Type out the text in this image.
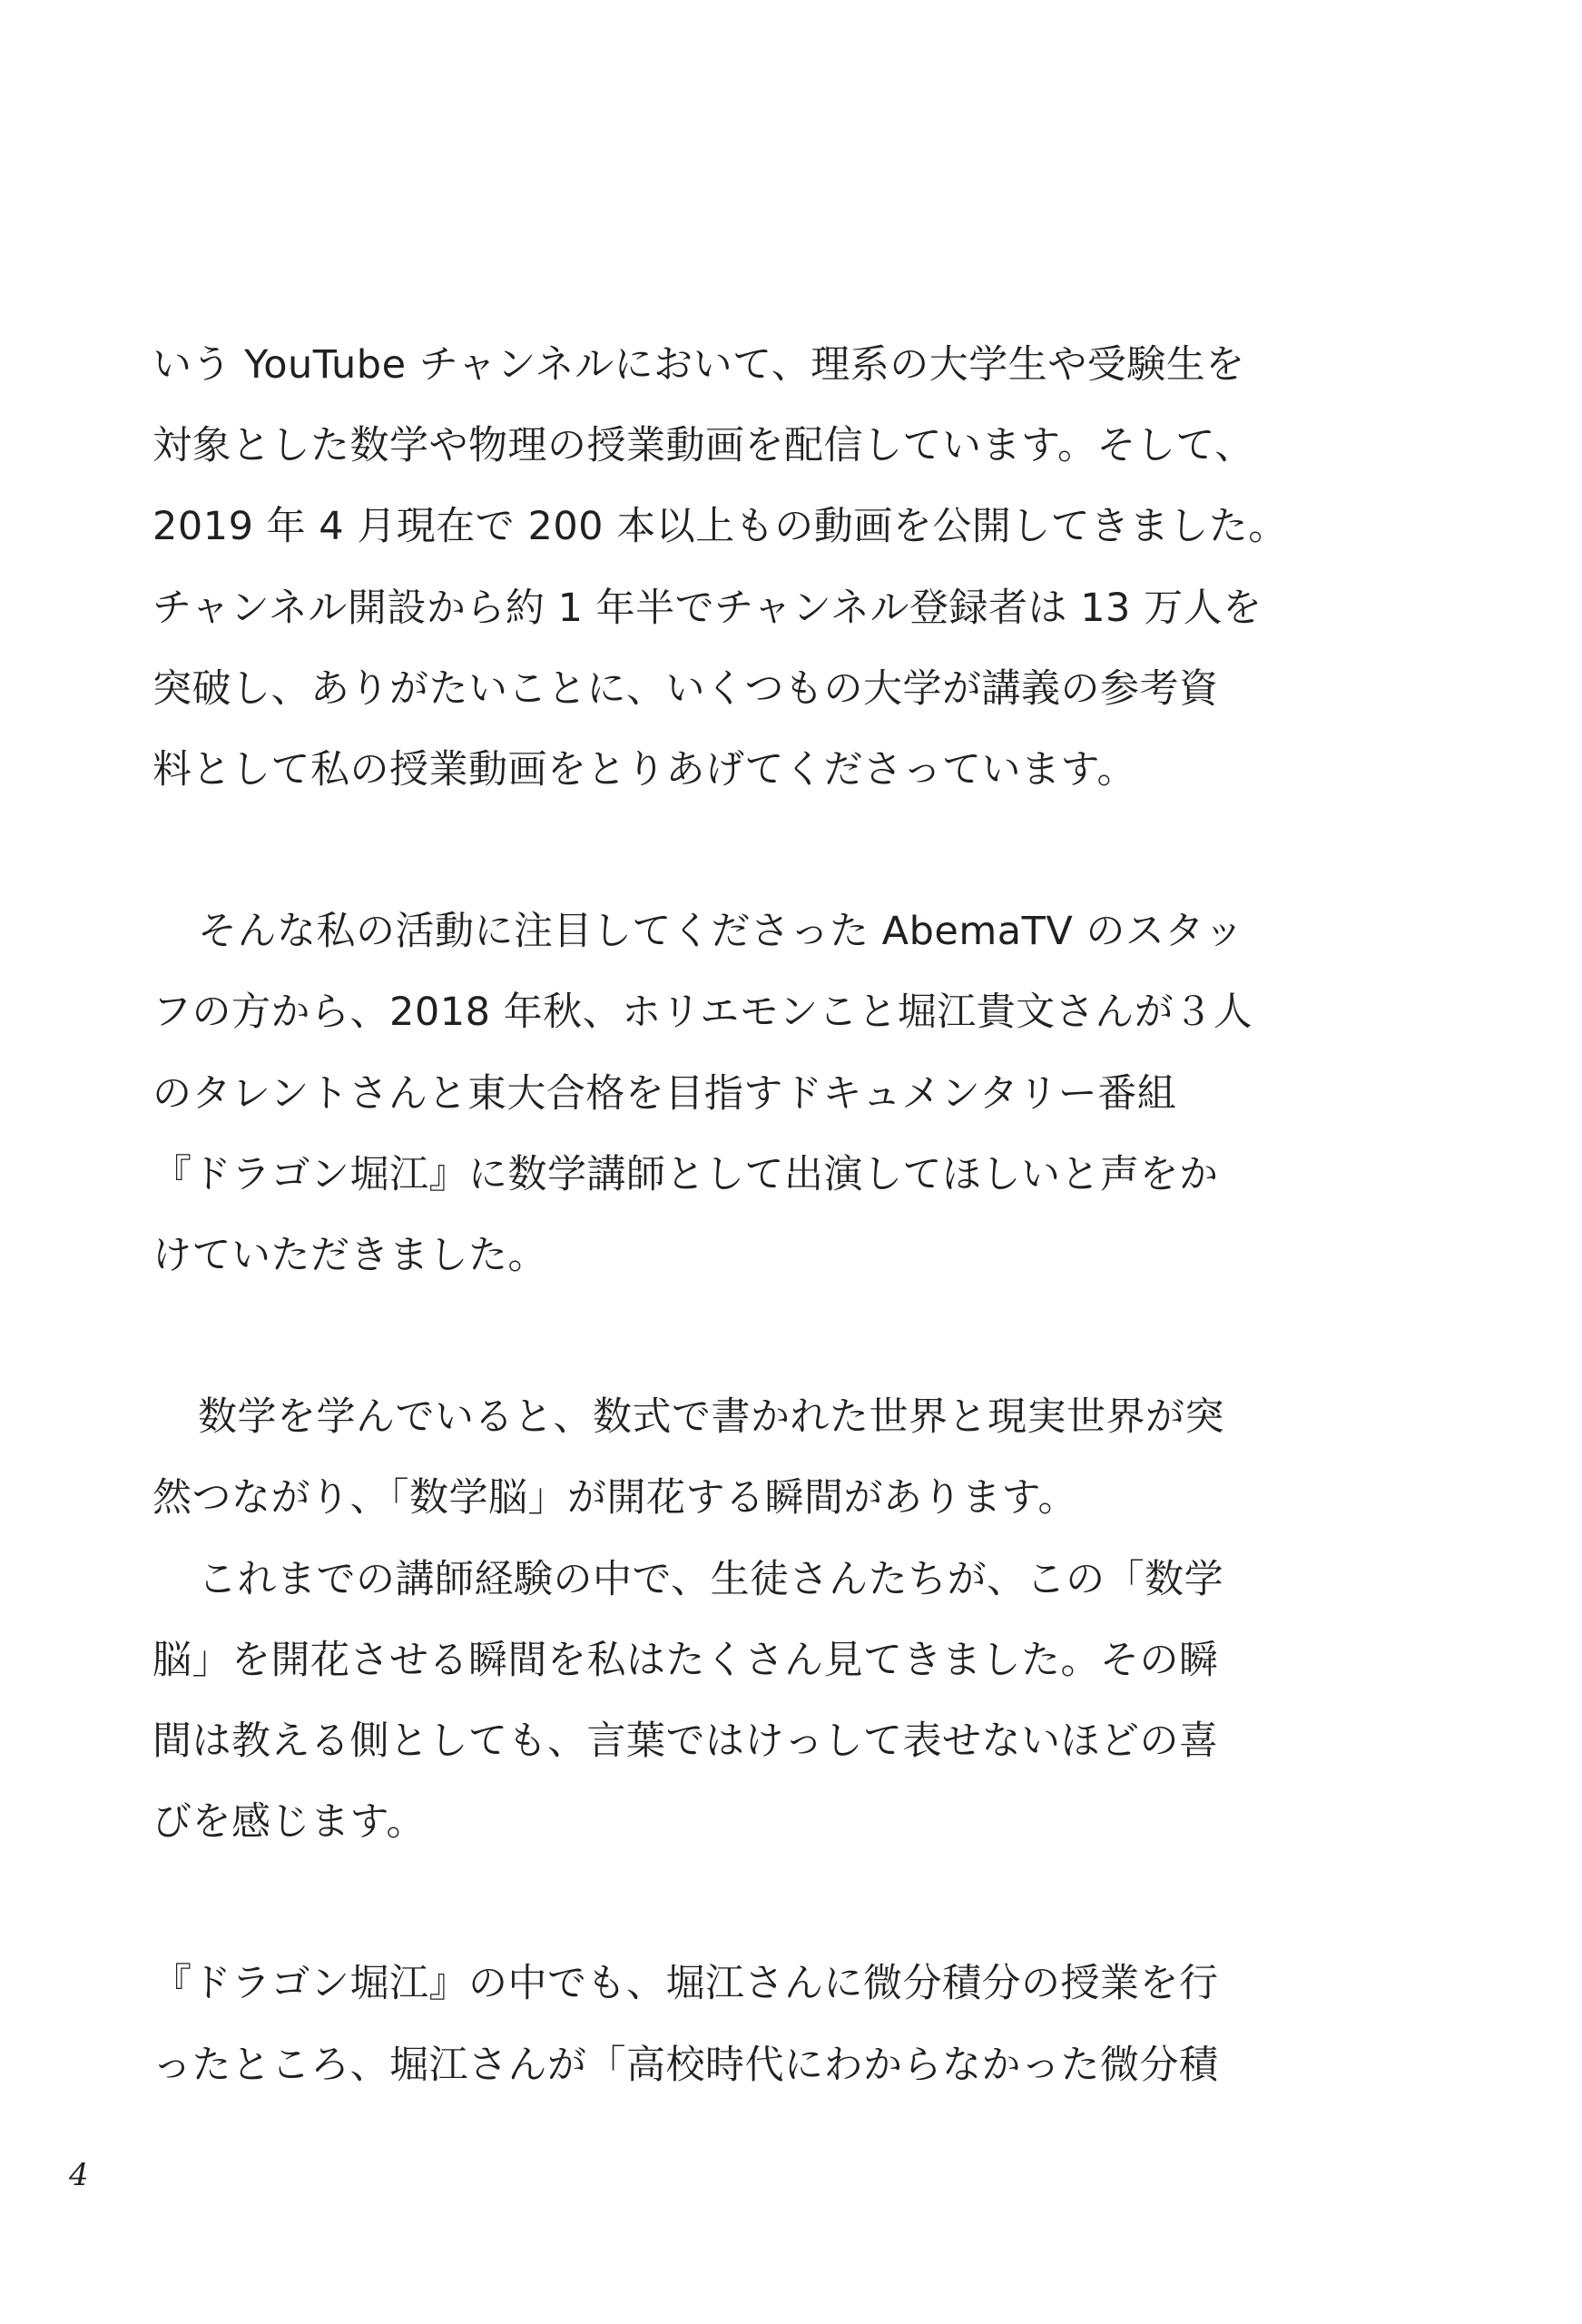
いう YouTube チャンネルにおいて、理系の大学生や受験生を
対象とした数学や物理の授業動画を配信しています。そして、
2019 年 4 月現在で 200 本以上もの動画を公開してきました。
チャンネル開設から約 1 年半でチャンネル登録者は 13 万人を
突破し、ありがたいことに、いくつもの大学が講義の参考資
料として私の授業動画をとりあげてくださっています。
そんな私の活動に注目してくださった AbemaTV のスタッ
フの方から、2018 年秋、ホリエモンこと堀江貴文さんが３人
のタレントさんと東大合格を目指すドキュメンタリー番組
『ドラゴン堀江』に数学講師として出演してほしいと声をか
けていただきました。
数学を学んでいると、数式で書かれた世界と現実世界が突
然つながり、「数学脳」が開花する瞬間があります。
これまでの講師経験の中で、生徒さんたちが、この「数学
脳」を開花させる瞬間を私はたくさん見てきました。その瞬
間は教える側としても、言葉ではけっして表せないほどの喜
びを感じます。
『ドラゴン堀江』の中でも、堀江さんに微分積分の授業を行
ったところ、堀江さんが「高校時代にわからなかった微分積
4
